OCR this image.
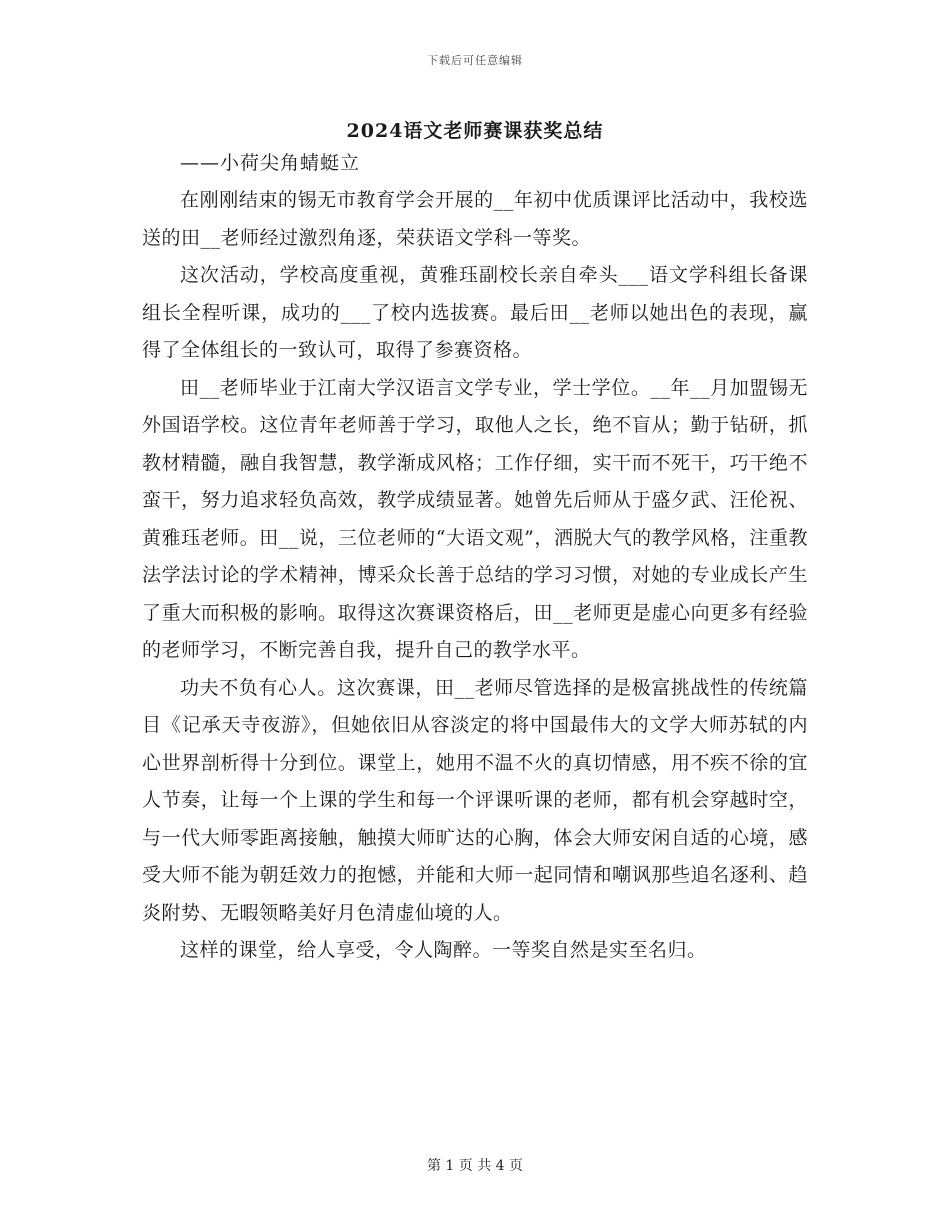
下载后可任意编辑
2024语文老师赛课获奖总结

——小荷尖角蜻蜓立

在刚刚结束的锡无市教育学会开展的__年初中优质课评比活动中，我校选送的田__老师经过激烈角逐，荣获语文学科一等奖。

这次活动，学校高度重视，黄雅珏副校长亲自牵头___语文学科组长备课组长全程听课，成功的___了校内选拔赛。最后田__老师以她出色的表现，赢得了全体组长的一致认可，取得了参赛资格。

田__老师毕业于江南大学汉语言文学专业，学士学位。__年__月加盟锡无外国语学校。这位青年老师善于学习，取他人之长，绝不盲从；勤于钻研，抓教材精髓，融自我智慧，教学渐成风格；工作仔细，实干而不死干，巧干绝不蛮干，努力追求轻负高效，教学成绩显著。她曾先后师从于盛夕武、汪伦祝、黄雅珏老师。田__说，三位老师的“大语文观”，洒脱大气的教学风格，注重教法学法讨论的学术精神，博采众长善于总结的学习习惯，对她的专业成长产生了重大而积极的影响。取得这次赛课资格后，田__老师更是虚心向更多有经验的老师学习，不断完善自我，提升自己的教学水平。

功夫不负有心人。这次赛课，田__老师尽管选择的是极富挑战性的传统篇目《记承天寺夜游》，但她依旧从容淡定的将中国最伟大的文学大师苏轼的内心世界剖析得十分到位。课堂上，她用不温不火的真切情感，用不疾不徐的宜人节奏，让每一个上课的学生和每一个评课听课的老师，都有机会穿越时空，与一代大师零距离接触，触摸大师旷达的心胸，体会大师安闲自适的心境，感受大师不能为朝廷效力的抱憾，并能和大师一起同情和嘲讽那些追名逐利、趋炎附势、无暇领略美好月色清虚仙境的人。

这样的课堂，给人享受，令人陶醉。一等奖自然是实至名归。

第 1 页 共 4 页
